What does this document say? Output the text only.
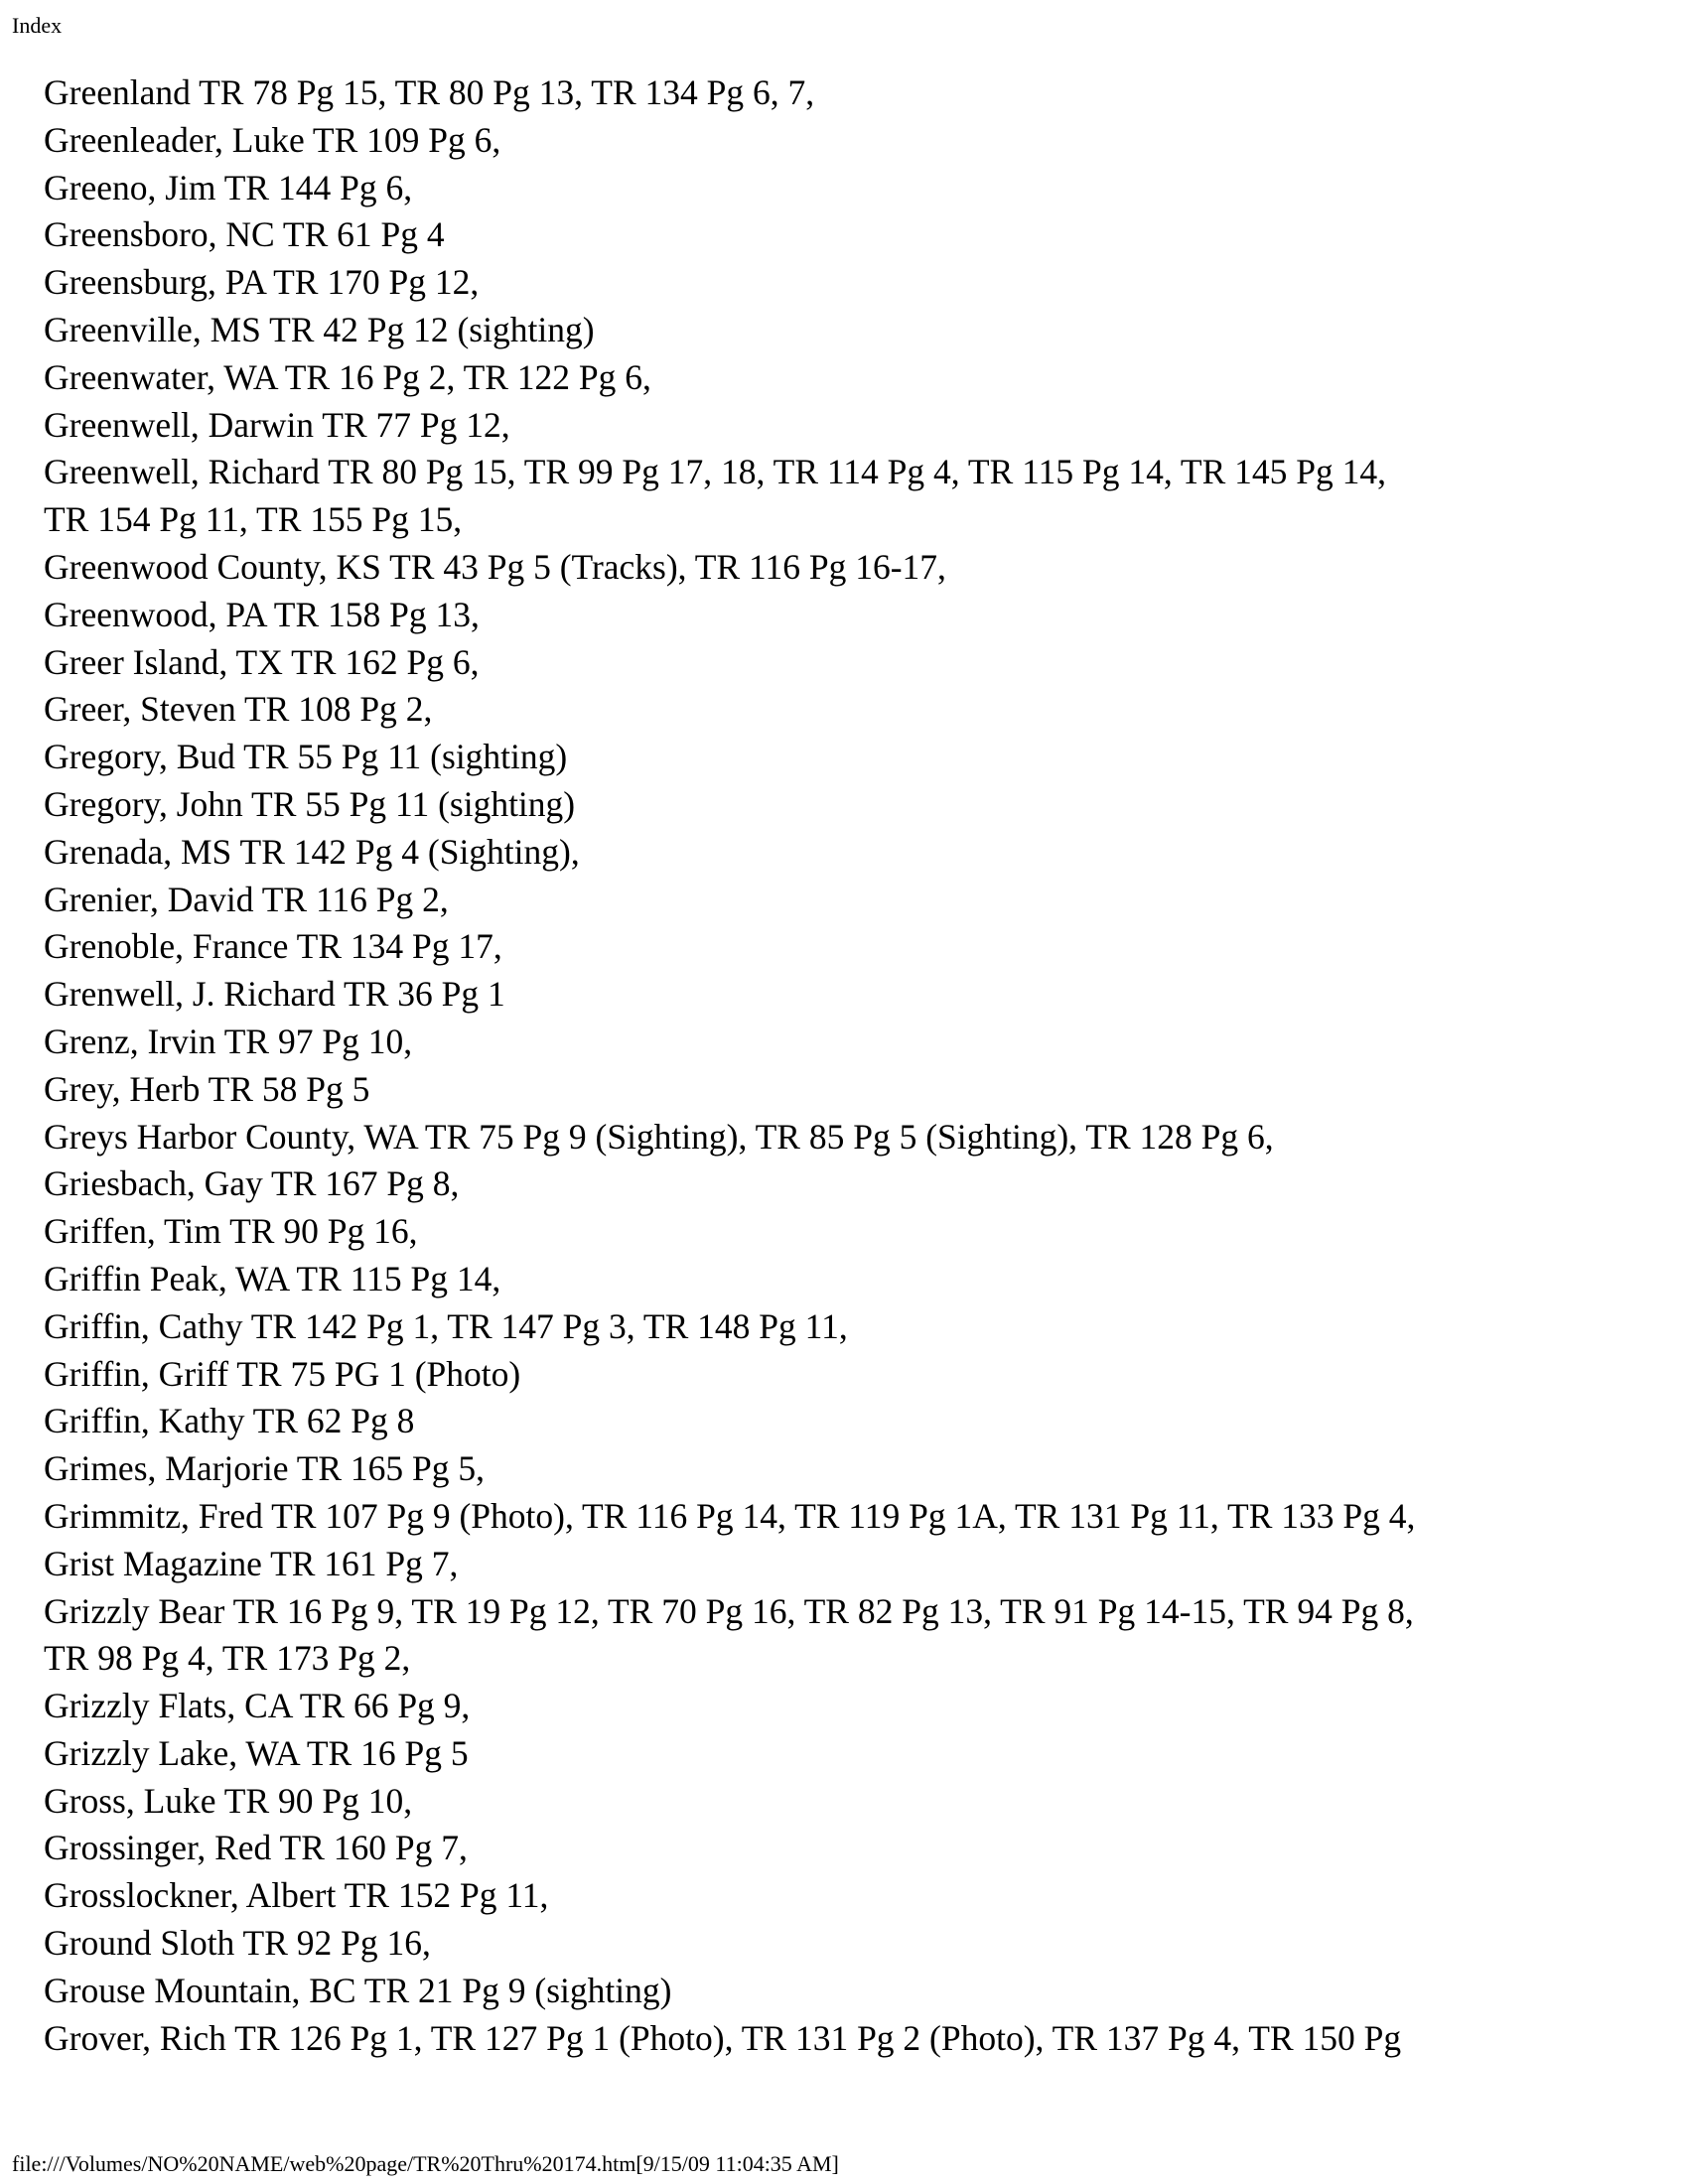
Index
Greenland TR 78 Pg 15, TR 80 Pg 13, TR 134 Pg 6, 7,
Greenleader, Luke TR 109 Pg 6,
Greeno, Jim TR 144 Pg 6,
Greensboro, NC TR 61 Pg 4
Greensburg, PA TR 170 Pg 12,
Greenville, MS TR 42 Pg 12 (sighting)
Greenwater, WA TR 16 Pg 2, TR 122 Pg 6,
Greenwell, Darwin TR 77 Pg 12,
Greenwell, Richard TR 80 Pg 15, TR 99 Pg 17, 18, TR 114 Pg 4, TR 115 Pg 14, TR 145 Pg 14,
TR 154 Pg 11, TR 155 Pg 15,
Greenwood County, KS TR 43 Pg 5 (Tracks), TR 116 Pg 16-17,
Greenwood, PA TR 158 Pg 13,
Greer Island, TX TR 162 Pg 6,
Greer, Steven TR 108 Pg 2,
Gregory, Bud TR 55 Pg 11 (sighting)
Gregory, John TR 55 Pg 11 (sighting)
Grenada, MS TR 142 Pg 4 (Sighting),
Grenier, David TR 116 Pg 2,
Grenoble, France TR 134 Pg 17,
Grenwell, J. Richard TR 36 Pg 1
Grenz, Irvin TR 97 Pg 10,
Grey, Herb TR 58 Pg 5
Greys Harbor County, WA TR 75 Pg 9 (Sighting), TR 85 Pg 5 (Sighting), TR 128 Pg 6,
Griesbach, Gay TR 167 Pg 8,
Griffen, Tim TR 90 Pg 16,
Griffin Peak, WA TR 115 Pg 14,
Griffin, Cathy TR 142 Pg 1, TR 147 Pg 3, TR 148 Pg 11,
Griffin, Griff TR 75 PG 1 (Photo)
Griffin, Kathy TR 62 Pg 8
Grimes, Marjorie TR 165 Pg 5,
Grimmitz, Fred TR 107 Pg 9 (Photo), TR 116 Pg 14, TR 119 Pg 1A, TR 131 Pg 11, TR 133 Pg 4,
Grist Magazine TR 161 Pg 7,
Grizzly Bear TR 16 Pg 9, TR 19 Pg 12, TR 70 Pg 16, TR 82 Pg 13, TR 91 Pg 14-15, TR 94 Pg 8,
TR 98 Pg 4, TR 173 Pg 2,
Grizzly Flats, CA TR 66 Pg 9,
Grizzly Lake, WA TR 16 Pg 5
Gross, Luke TR 90 Pg 10,
Grossinger, Red TR 160 Pg 7,
Grosslockner, Albert TR 152 Pg 11,
Ground Sloth TR 92 Pg 16,
Grouse Mountain, BC TR 21 Pg 9 (sighting)
Grover, Rich TR 126 Pg 1, TR 127 Pg 1 (Photo), TR 131 Pg 2 (Photo), TR 137 Pg 4, TR 150 Pg
file:///Volumes/NO%20NAME/web%20page/TR%20Thru%20174.htm[9/15/09 11:04:35 AM]
